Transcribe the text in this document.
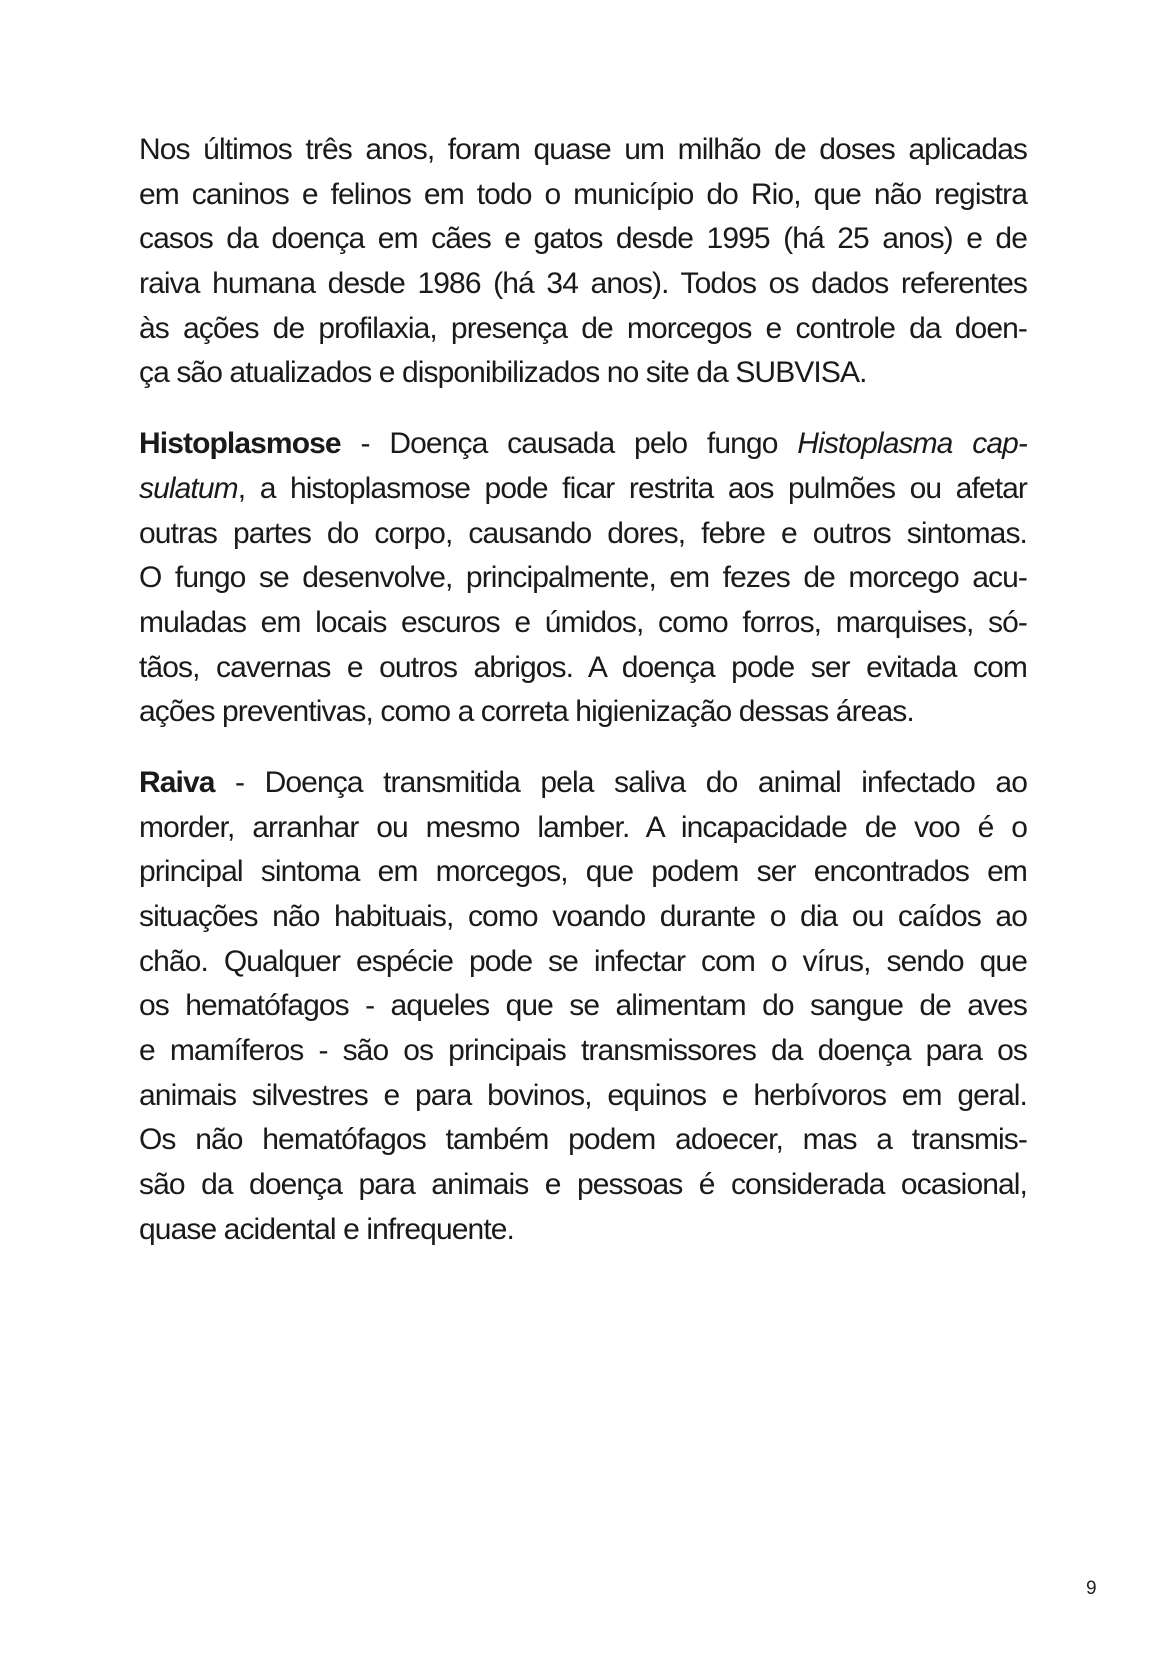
Nos últimos três anos, foram quase um milhão de doses aplicadas
em caninos e felinos em todo o município do Rio, que não registra
casos da doença em cães e gatos desde 1995 (há 25 anos) e de
raiva humana desde 1986 (há 34 anos). Todos os dados referentes
às ações de profilaxia, presença de morcegos e controle da doen-
ça são atualizados e disponibilizados no site da SUBVISA.
Histoplasmose - Doença causada pelo fungo Histoplasma cap-
sulatum, a histoplasmose pode ficar restrita aos pulmões ou afetar
outras partes do corpo, causando dores, febre e outros sintomas.
O fungo se desenvolve, principalmente, em fezes de morcego acu-
muladas em locais escuros e úmidos, como forros, marquises, só-
tãos, cavernas e outros abrigos. A doença pode ser evitada com
ações preventivas, como a correta higienização dessas áreas.
Raiva - Doença transmitida pela saliva do animal infectado ao
morder, arranhar ou mesmo lamber. A incapacidade de voo é o
principal sintoma em morcegos, que podem ser encontrados em
situações não habituais, como voando durante o dia ou caídos ao
chão. Qualquer espécie pode se infectar com o vírus, sendo que
os hematófagos - aqueles que se alimentam do sangue de aves
e mamíferos - são os principais transmissores da doença para os
animais silvestres e para bovinos, equinos e herbívoros em geral.
Os não hematófagos também podem adoecer, mas a transmis-
são da doença para animais e pessoas é considerada ocasional,
quase acidental e infrequente.
9
